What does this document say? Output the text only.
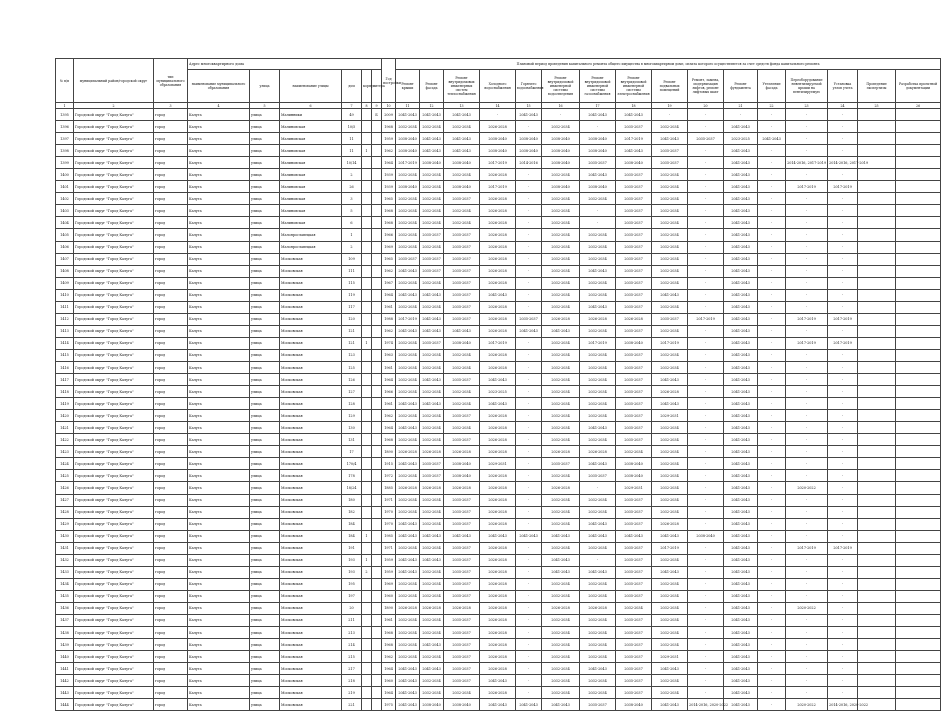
№ п/п	муниципальный район/городской округ	тип муниципального образования	Адрес многоквартирного дома						Год постройки	Плановый период проведения капитального ремонта общего имущества в многоквартирном доме, оплата которого осуществляется за счет средств фонда капитального ремонта															
			наименование муниципального образования	улица	наименование улицы	дом	корпус	литера		Ремонт крыши	Ремонт фасада	Ремонт внутридомовых инженерных систем теплоснабжения	Холодного водоснабжения	Горячего водоснабжения	Ремонт внутридомовой инженерной системы водоотведения	Ремонт внутридомовой инженерной системы газоснабжения	Ремонт внутридомовой инженерной системы электроснабжения	Ремонт подвальных помещений	Ремонт, замена, модернизация лифтов, ремонт лифтовых шахт	Ремонт фундамента	Утепление фасада	Переоборудование невентилируемой крыши на вентилируемую	Установка узлов учета	Проведение экспертизы	Разработка проектной документации
1	2	3	4	5	6	7	8	9	10	11	12	13	14	15	16	17	18	19	20	21	22	23	24	25	26
1395	Городской округ "Город Калуга"	город	Калуга	улица	Малинники	49		Б	2009	2041-2043	2041-2043	2041-2043	-	2041-2043	-	2041-2043	2041-2043	-	-	-	-	-	-		
1396	Городской округ "Город Калуга"	город	Калуга	улица	Малиновская	10/5			1968	2032-2034	2032-2034	2032-2034	2026-2028	-	2032-2034	-	2035-2037	2032-2034	-	2041-2043	-	-	-		
1397	Городской округ "Город Калуга"	город	Калуга	улица	Малиновская	11			1959	2038-2040	2041-2043	2041-2043	2038-2040	2038-2040	2038-2040	2038-2040	2017-2019	2041-2043	2035-2037	2023-2025	2041-2043	-	-		
1398	Городской округ "Город Калуга"	город	Калуга	улица	Малиновская	11	1		1962	2038-2040	2041-2043	2041-2043	2038-2040	2038-2040	2038-2040	2038-2040	2041-2043	2035-2037	-	2041-2043	-	-	-		
1399	Городской округ "Город Калуга"	город	Калуга	улица	Малиновская	10/14			1964	2017-2019	2038-2040	2038-2040	2017-2019	2014-2016	2038-2040	2035-2037	2038-2040	2035-2037	-	2041-2043	-	2014-2016, 2017-2019	2014-2016, 2017-2019		
1400	Городской округ "Город Калуга"	город	Калуга	улица	Малиновская	2			1939	2032-2034	2032-2034	2032-2034	2026-2028	-	2032-2034	2041-2043	2035-2037	2032-2034	-	2041-2043	-	-	-		
1401	Городской округ "Город Калуга"	город	Калуга	улица	Малиновская	26			1939	2038-2040	2032-2034	2038-2040	2017-2019	-	2038-2040	2038-2040	2035-2037	2032-2034	-	2041-2043	-	2017-2019	2017-2019		
1402	Городской округ "Город Калуга"	город	Калуга	улица	Малиновская	3			1965	2032-2034	2032-2034	2035-2037	2026-2028	-	2032-2034	2032-2034	2035-2037	2032-2034	-	2041-2043	-	-	-		
1403	Городской округ "Город Калуга"	город	Калуга	улица	Малиновская	5			1968	2032-2034	2032-2034	2032-2034	2026-2028	-	2032-2034	-	2035-2037	2032-2034	-	2041-2043	-	-	-		
1404	Городской округ "Город Калуга"	город	Калуга	улица	Малиновская	6			1968	2032-2034	2032-2034	2032-2034	2026-2028	-	2032-2034	-	2035-2037	2032-2034	-	2041-2043	-	-	-		
1405	Городской округ "Город Калуга"	город	Калуга	улица	Малоярославецкая	1			1966	2032-2034	2035-2037	2035-2037	2026-2028	-	2032-2034	2032-2034	2035-2037	2032-2034	-	2041-2043	-	-	-		
1406	Городской округ "Город Калуга"	город	Калуга	улица	Малоярославецкая	2			1969	2032-2034	2032-2034	2035-2037	2026-2028	-	2032-2034	2032-2034	2035-2037	2032-2034	-	2041-2043	-	-	-		
1407	Городской округ "Город Калуга"	город	Калуга	улица	Московская	109			1965	2035-2037	2035-2037	2035-2037	2026-2028	-	2032-2034	2032-2034	2035-2037	2032-2034	-	2041-2043	-	-	-		
1408	Городской округ "Город Калуга"	город	Калуга	улица	Московская	111			1962	2041-2043	2035-2037	2035-2037	2026-2028	-	2032-2034	2041-2043	2035-2037	2032-2034	-	2041-2043	-	-	-		
1409	Городской округ "Город Калуга"	город	Калуга	улица	Московская	115			1967	2032-2034	2032-2034	2035-2037	2026-2028	-	2032-2034	2032-2034	2035-2037	2032-2034	-	2041-2043	-	-	-		
1410	Городской округ "Город Калуга"	город	Калуга	улица	Московская	119			1964	2041-2043	2041-2043	2035-2037	2041-2043	-	2032-2034	2032-2034	2035-2037	2041-2043	-	2041-2043	-	-	-		
1411	Городской округ "Город Калуга"	город	Калуга	улица	Московская	117			1961	2032-2034	2032-2034	2035-2037	2026-2028	-	2032-2034	2041-2043	2035-2037	2032-2034	-	2041-2043	-	-	-		
1412	Городской округ "Город Калуга"	город	Калуга	улица	Московская	120			1988	2017-2019	2041-2043	2035-2037	2026-2028	2035-2037	2026-2028	2026-2028	2026-2028	2035-2037	2017-2019	2041-2043	-	2017-2019	2017-2019		
1413	Городской округ "Город Калуга"	город	Калуга	улица	Московская	121			1962	2041-2043	2041-2043	2041-2043	2026-2028	2041-2043	2041-2043	2032-2034	2035-2037	2032-2034	-	2041-2043	-	-	-		
1414	Городской округ "Город Калуга"	город	Калуга	улица	Московская	121	1		1974	2032-2034	2035-2037	2038-2040	2017-2019	-	2032-2034	2017-2019	2038-2040	2017-2019	-	2041-2043	-	2017-2019	2017-2019		
1415	Городской округ "Город Калуга"	город	Калуга	улица	Московская	123			1963	2032-2034	2032-2034	2032-2034	2026-2028	-	2032-2034	2032-2034	2035-2037	2032-2034	-	2041-2043	-	-	-		
1416	Городской округ "Город Калуга"	город	Калуга	улица	Московская	125			1961	2032-2034	2032-2034	2032-2034	2026-2028	-	2032-2034	2032-2034	2035-2037	2032-2034	-	2041-2043	-	-	-		
1417	Городской округ "Город Калуга"	город	Калуга	улица	Московская	126			1964	2032-2034	2041-2043	2035-2037	2041-2043	-	2032-2034	2032-2034	2035-2037	2041-2043	-	2041-2043	-	-	-		
1418	Городской округ "Город Калуга"	город	Калуга	улица	Московская	127			1966	2032-2034	2032-2034	2032-2034	2023-2025	-	2032-2034	2032-2034	2035-2037	2026-2028	-	2041-2043	-	-	-		
1419	Городской округ "Город Калуга"	город	Калуга	улица	Московская	128			1961	2041-2043	2041-2043	2032-2034	2041-2043	-	2032-2034	2032-2034	2035-2037	2041-2043	-	2041-2043	-	-	-		
1420	Городской округ "Город Калуга"	город	Калуга	улица	Московская	129			1962	2032-2034	2032-2034	2035-2037	2026-2028	-	2032-2034	2032-2034	2035-2037	2029-2031	-	2041-2043	-	-	-		
1421	Городской округ "Город Калуга"	город	Калуга	улица	Московская	130			1964	2041-2043	2032-2034	2032-2034	2026-2028	-	2032-2034	2041-2043	2035-2037	2032-2034	-	2041-2043	-	-	-		
1422	Городской округ "Город Калуга"	город	Калуга	улица	Московская	131			1968	2032-2034	2032-2034	2035-2037	2026-2028	-	2032-2034	2032-2034	2035-2037	2032-2034	-	2041-2043	-	-	-		
1423	Городской округ "Город Калуга"	город	Калуга	улица	Московская	17			1890	2026-2028	2026-2028	2026-2028	2026-2028	-	2026-2028	2026-2028	2032-2034	2032-2034	-	2041-2043	-	-	-		
1424	Городской округ "Город Калуга"	город	Калуга	улица	Московская	170/4			1915	2041-2043	2035-2037	2038-2040	2029-2031	-	2035-2037	2041-2043	2038-2040	2032-2034	-	2041-2043	-	-	-		
1425	Городской округ "Город Калуга"	город	Калуга	улица	Московская	178			1972	2032-2034	2035-2037	2038-2040	2026-2028	-	2032-2034	2035-2037	2038-2040	2032-2034	-	2041-2043	-	-	-		
1426	Городской округ "Город Калуга"	город	Калуга	улица	Московская	18/24			1885	2026-2028	2026-2028	2026-2028	2026-2028	-	2026-2028	-	2029-2031	2032-2034	-	2041-2043	-	2020-2022	-		
1427	Городской округ "Город Калуга"	город	Калуга	улица	Московская	180			1971	2032-2034	2032-2034	2035-2037	2026-2028	-	2032-2034	2032-2034	2035-2037	2032-2034	-	2041-2043	-	-	-		
1428	Городской округ "Город Калуга"	город	Калуга	улица	Московская	182			1970	2032-2034	2032-2034	2035-2037	2026-2028	-	2032-2034	2032-2034	2035-2037	2032-2034	-	2041-2043	-	-	-		
1429	Городской округ "Город Калуга"	город	Калуга	улица	Московская	184			1970	2041-2043	2032-2034	2035-2037	2026-2028	-	2032-2034	2041-2043	2035-2037	2026-2028	-	2041-2043	-	-	-		
1430	Городской округ "Город Калуга"	город	Калуга	улица	Московская	184	1		1985	2041-2043	2041-2043	2041-2043	2041-2043	2041-2043	2041-2043	2041-2043	2041-2043	2041-2043	2038-2040	2041-2043	-	-	-		
1431	Городской округ "Город Калуга"	город	Калуга	улица	Московская	191			1971	2032-2034	2032-2034	2035-2037	2026-2028	-	2032-2034	2032-2034	2035-2037	2017-2019	-	2041-2043	-	2017-2019	2017-2019		
1432	Городской округ "Город Калуга"	город	Калуга	улица	Московская	193	1		1959	2041-2043	2041-2043	2035-2037	2026-2028	-	2041-2043	-	2035-2037	2032-2034	-	2041-2043	-	-	-		
1433	Городской округ "Город Калуга"	город	Калуга	улица	Московская	193	2		1959	2041-2043	2032-2034	2035-2037	2026-2028	-	2041-2043	2041-2043	2035-2037	2041-2043	-	2041-2043	-	-	-		
1434	Городской округ "Город Калуга"	город	Калуга	улица	Московская	195			1969	2032-2034	2032-2034	2035-2037	2026-2028	-	2032-2034	2032-2034	2035-2037	2032-2034	-	2041-2043	-	-	-		
1435	Городской округ "Город Калуга"	город	Калуга	улица	Московская	197			1960	2032-2034	2032-2034	2035-2037	2026-2028	-	2032-2034	2032-2034	2035-2037	2032-2034	-	2041-2043	-	-	-		
1436	Городской округ "Город Калуга"	город	Калуга	улица	Московская	20			1890	2026-2028	2026-2028	2026-2028	2026-2028	-	2026-2028	2026-2028	2032-2034	2032-2034	-	2041-2043	-	2020-2022	-		
1437	Городской округ "Город Калуга"	город	Калуга	улица	Московская	211			1961	2032-2034	2032-2034	2035-2037	2026-2028	-	2032-2034	2032-2034	2035-2037	2032-2034	-	2041-2043	-	-	-		
1438	Городской округ "Город Калуга"	город	Калуга	улица	Московская	213			1968	2032-2034	2032-2034	2035-2037	2026-2028	-	2032-2034	2032-2034	2035-2037	2032-2034	-	2041-2043	-	-	-		
1439	Городской округ "Город Калуга"	город	Калуга	улица	Московская	214			1968	2032-2034	2041-2043	2035-2037	2026-2028	-	2032-2034	2032-2034	2035-2037	2032-2034	-	2041-2043	-	-	-		
1440	Городской округ "Город Калуга"	город	Калуга	улица	Московская	215			1962	2032-2034	2032-2034	2035-2037	2026-2028	-	2032-2034	2032-2034	2035-2037	2029-2031	-	2041-2043	-	-	-		
1441	Городской округ "Город Калуга"	город	Калуга	улица	Московская	217			1964	2041-2043	2041-2043	2035-2037	2026-2028	-	2032-2034	2041-2043	2035-2037	2041-2043	-	2041-2043	-	-	-		
1442	Городской округ "Город Калуга"	город	Калуга	улица	Московская	218			1960	2041-2043	2032-2034	2035-2037	2041-2043	-	2032-2034	2032-2034	2035-2037	2032-2034	-	2041-2043	-	-	-		
1443	Городской округ "Город Калуга"	город	Калуга	улица	Московская	219			1964	2041-2043	2032-2034	2032-2034	2026-2028	-	2032-2034	2032-2034	2035-2037	2032-2034	-	2041-2043	-	-	-		
1444	Городской округ "Город Калуга"	город	Калуга	улица	Московская	221			1975	2041-2043	2038-2040	2038-2040	2041-2043	2041-2043	2041-2043	2035-2037	2038-2040	2041-2043	2014-2016, 2020-2022	2041-2043	-	2020-2022	2014-2016, 2020-2022		
